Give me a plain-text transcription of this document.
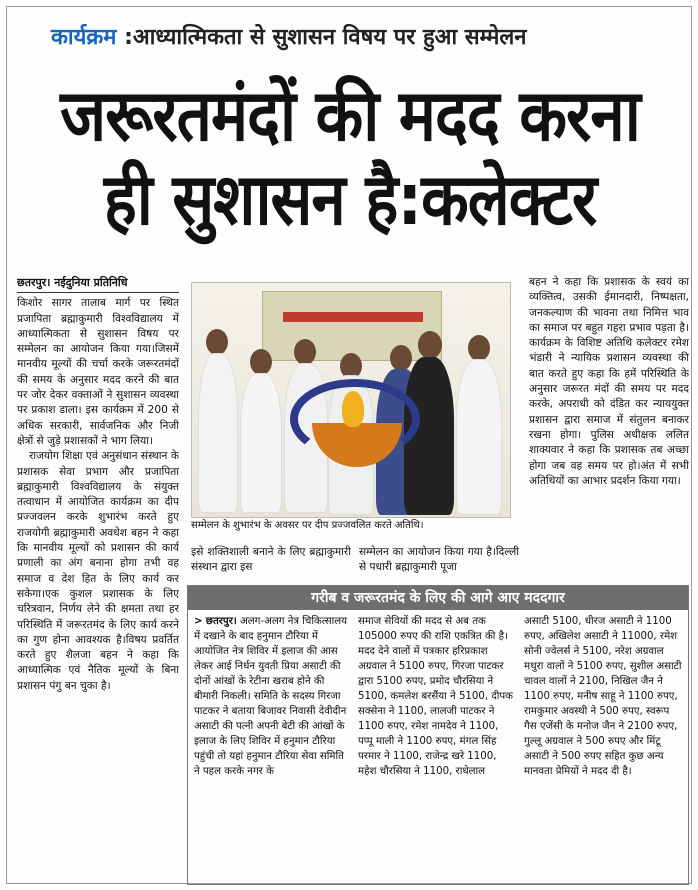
कार्यक्रम :आध्यात्मिकता से सुशासन विषय पर हुआ सम्मेलन
जरूरतमंदों की मदद करना
ही सुशासन है:कलेक्टर
छतरपुर। नईदुनिया प्रतिनिधि

किशोर सागर तालाब मार्ग पर स्थित प्रजापिता ब्रह्माकुमारी विश्वविद्यालय में आध्यात्मिकता से सुशासन विषय पर सम्मेलन का आयोजन किया गया।जिसमें मानवीय मूल्यों की चर्चा करके जरूरतमंदों की समय के अनुसार मदद करने की बात पर जोर देकर वक्ताओं ने सुशासन व्यवस्था पर प्रकाश डाला। इस कार्यक्रम में 200 से अधिक सरकारी, सार्वजनिक और निजी क्षेत्रों से जुड़े प्रशासकों ने भाग लिया।

राजयोग शिक्षा एवं अनुसंधान संस्थान के प्रशासक सेवा प्रभाग और प्रजापिता ब्रह्माकुमारी विश्वविद्यालय के संयुक्त तत्वाधान में आयोजित कार्यक्रम का दीप प्रज्जवलन करके शुभारंभ करते हुए राजयोगी ब्रह्माकुमारी अवधेश बहन ने कहा कि मानवीय मूल्यों को प्रशासन की कार्य प्रणाली का अंग बनाना होगा तभी वह समाज व देश हित के लिए कार्य कर सकेगा।एक कुशल प्रशासक के लिए चरित्रवान, निर्णय लेने की क्षमता तथा हर परिस्थिति में जरूरतमंद के लिए कार्य करने का गुण होना आवश्यक है।विषय प्रवर्तित करते हुए शैलजा बहन ने कहा कि आध्यात्मिक एवं नैतिक मूल्यों के बिना प्रशासन पंगु बन चुका है।

सम्मेलन के शुभारंभ के अवसर पर दीप प्रज्जवलित करते अतिथि।
इसे शक्तिशाली बनाने के लिए ब्रह्माकुमारी संस्थान द्वारा इस
सम्मेलन का आयोजन किया गया है।दिल्ली से पधारी ब्रह्माकुमारी पूजा
बहन ने कहा कि प्रशासक के स्वयं का व्यक्तित्व, उसकी ईमानदारी, निष्पक्षता, जनकल्याण की भावना तथा निमित्त भाव का समाज पर बहुत गहरा प्रभाव पड़ता है।कार्यक्रम के विशिष्ट अतिथि कलेक्टर रमेश भंडारी ने न्यायिक प्रशासन व्यवस्था की बात करते हुए कहा कि हमें परिस्थिति के अनुसार जरूरत मंदों की समय पर मदद करके, अपराधी को दंडित कर न्याययुक्त प्रशासन द्वारा समाज में संतुलन बनाकर रखना होगा। पुलिस अधीक्षक ललित शाक्यवार ने कहा कि प्रशासक तब अच्छा होगा जब वह समय पर हो।अंत में सभी अतिथियों का आभार प्रदर्शन किया गया।
गरीब व जरूरतमंद के लिए की आगे आए मददगार
> छतरपुर। अलग-अलग नेत्र चिकित्सालय में दखाने के बाद हनुमान टौरिया में आयोजित नेत्र शिविर में इलाज की आस लेकर आई निर्धन युवती प्रिया असाटी की दोनों आंखों के रेटीना खराब होने की बीमारी निकली। समिति के सदस्य गिरजा पाटकर ने बताया बिजावर निवासी देवीदीन असाटी की पत्नी अपनी बेटी की आंखों के इलाज के लिए शिविर में हनुमान टौरिया पहुंची तो यहां हनुमान टौरिया सेवा समिति ने पहल करके नगर के
समाज सेवियों की मदद से अब तक 105000 रुपए की राशि एकत्रित की है। मदद देने वालों में पत्रकार हरिप्रकाश अग्रवाल ने 5100 रुपए, गिरजा पाटकर द्वारा 5100 रुपए, प्रमोद चौरसिया ने 5100, कमलेश बरसैंया ने 5100, दीपक सक्सेना ने 1100, लालजी पाटकर ने 1100 रुपए, रमेश नामदेव ने 1100, पप्पू माली ने 1100 रुपए, मंगल सिंह परमार ने 1100, राजेन्द्र खरे 1100, महेश चौरसिया ने 1100, राधेलाल
असाटी 5100, धीरज असाटी ने 1100 रुपए, अखिलेश असाटी ने 11000, रमेश सोनी ज्वेलर्स ने 5100, नरेश अग्रवाल मथुरा वालों ने 5100 रुपए, सुशील असाटी चावल वालों ने 2100, निखिल जैन ने 1100 रुपए, मनीष साहू ने 1100 रुपए, रामकुमार अवस्थी ने 500 रुपए, स्वरूप गैस एजेंसी के मनोज जैन ने 2100 रुपए, गुल्लू अग्रवाल ने 500 रुपए और मिंटू असाटी ने 500 रुपए सहित कुछ अन्य मानवता प्रेमियों ने मदद दी है।
